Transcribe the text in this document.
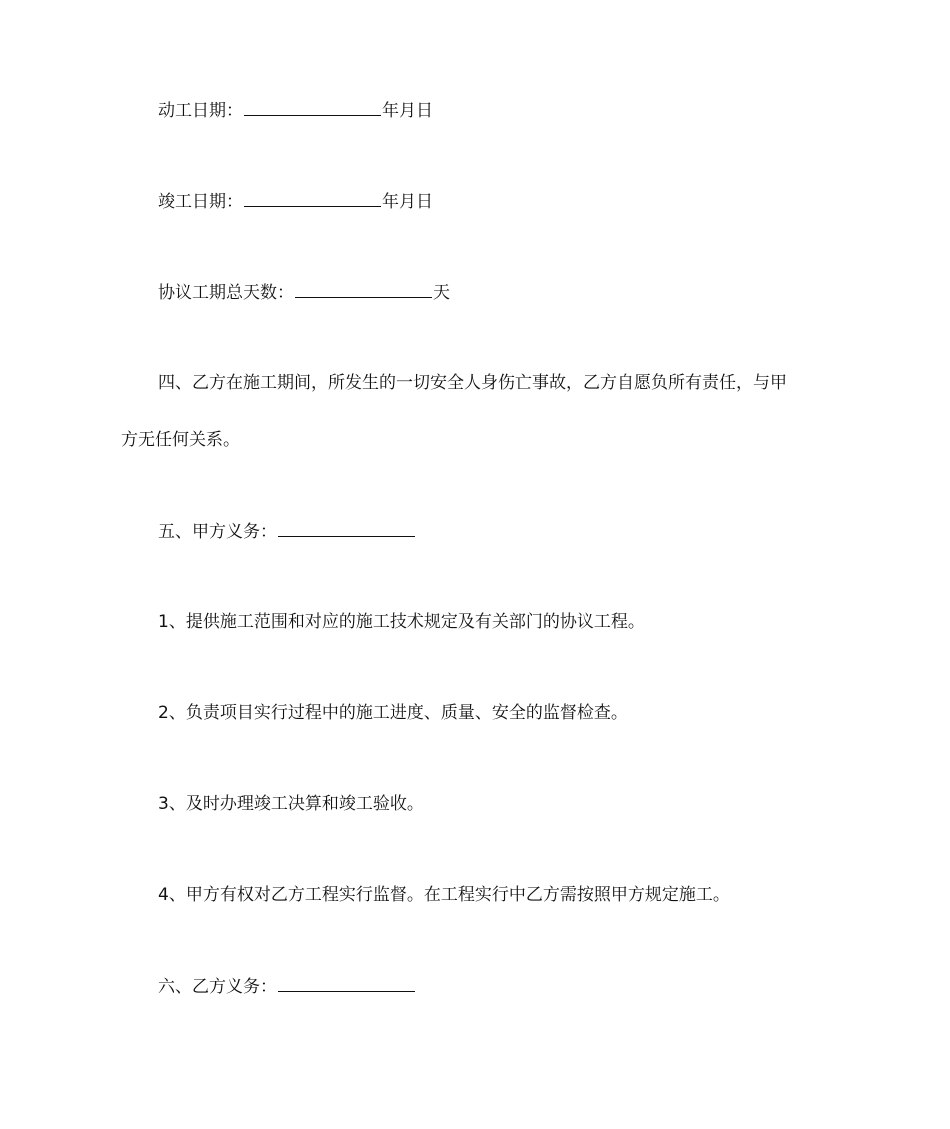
动工日期：	年月日
竣工日期：	年月日
协议工期总天数：	天
四、乙方在施工期间，所发生的一切安全人身伤亡事故，乙方自愿负所有责任，与甲
方无任何关系。
五、甲方义务：
1、提供施工范围和对应的施工技术规定及有关部门的协议工程。
2、负责项目实行过程中的施工进度、质量、安全的监督检查。
3、及时办理竣工决算和竣工验收。
4、甲方有权对乙方工程实行监督。在工程实行中乙方需按照甲方规定施工。
六、乙方义务：
